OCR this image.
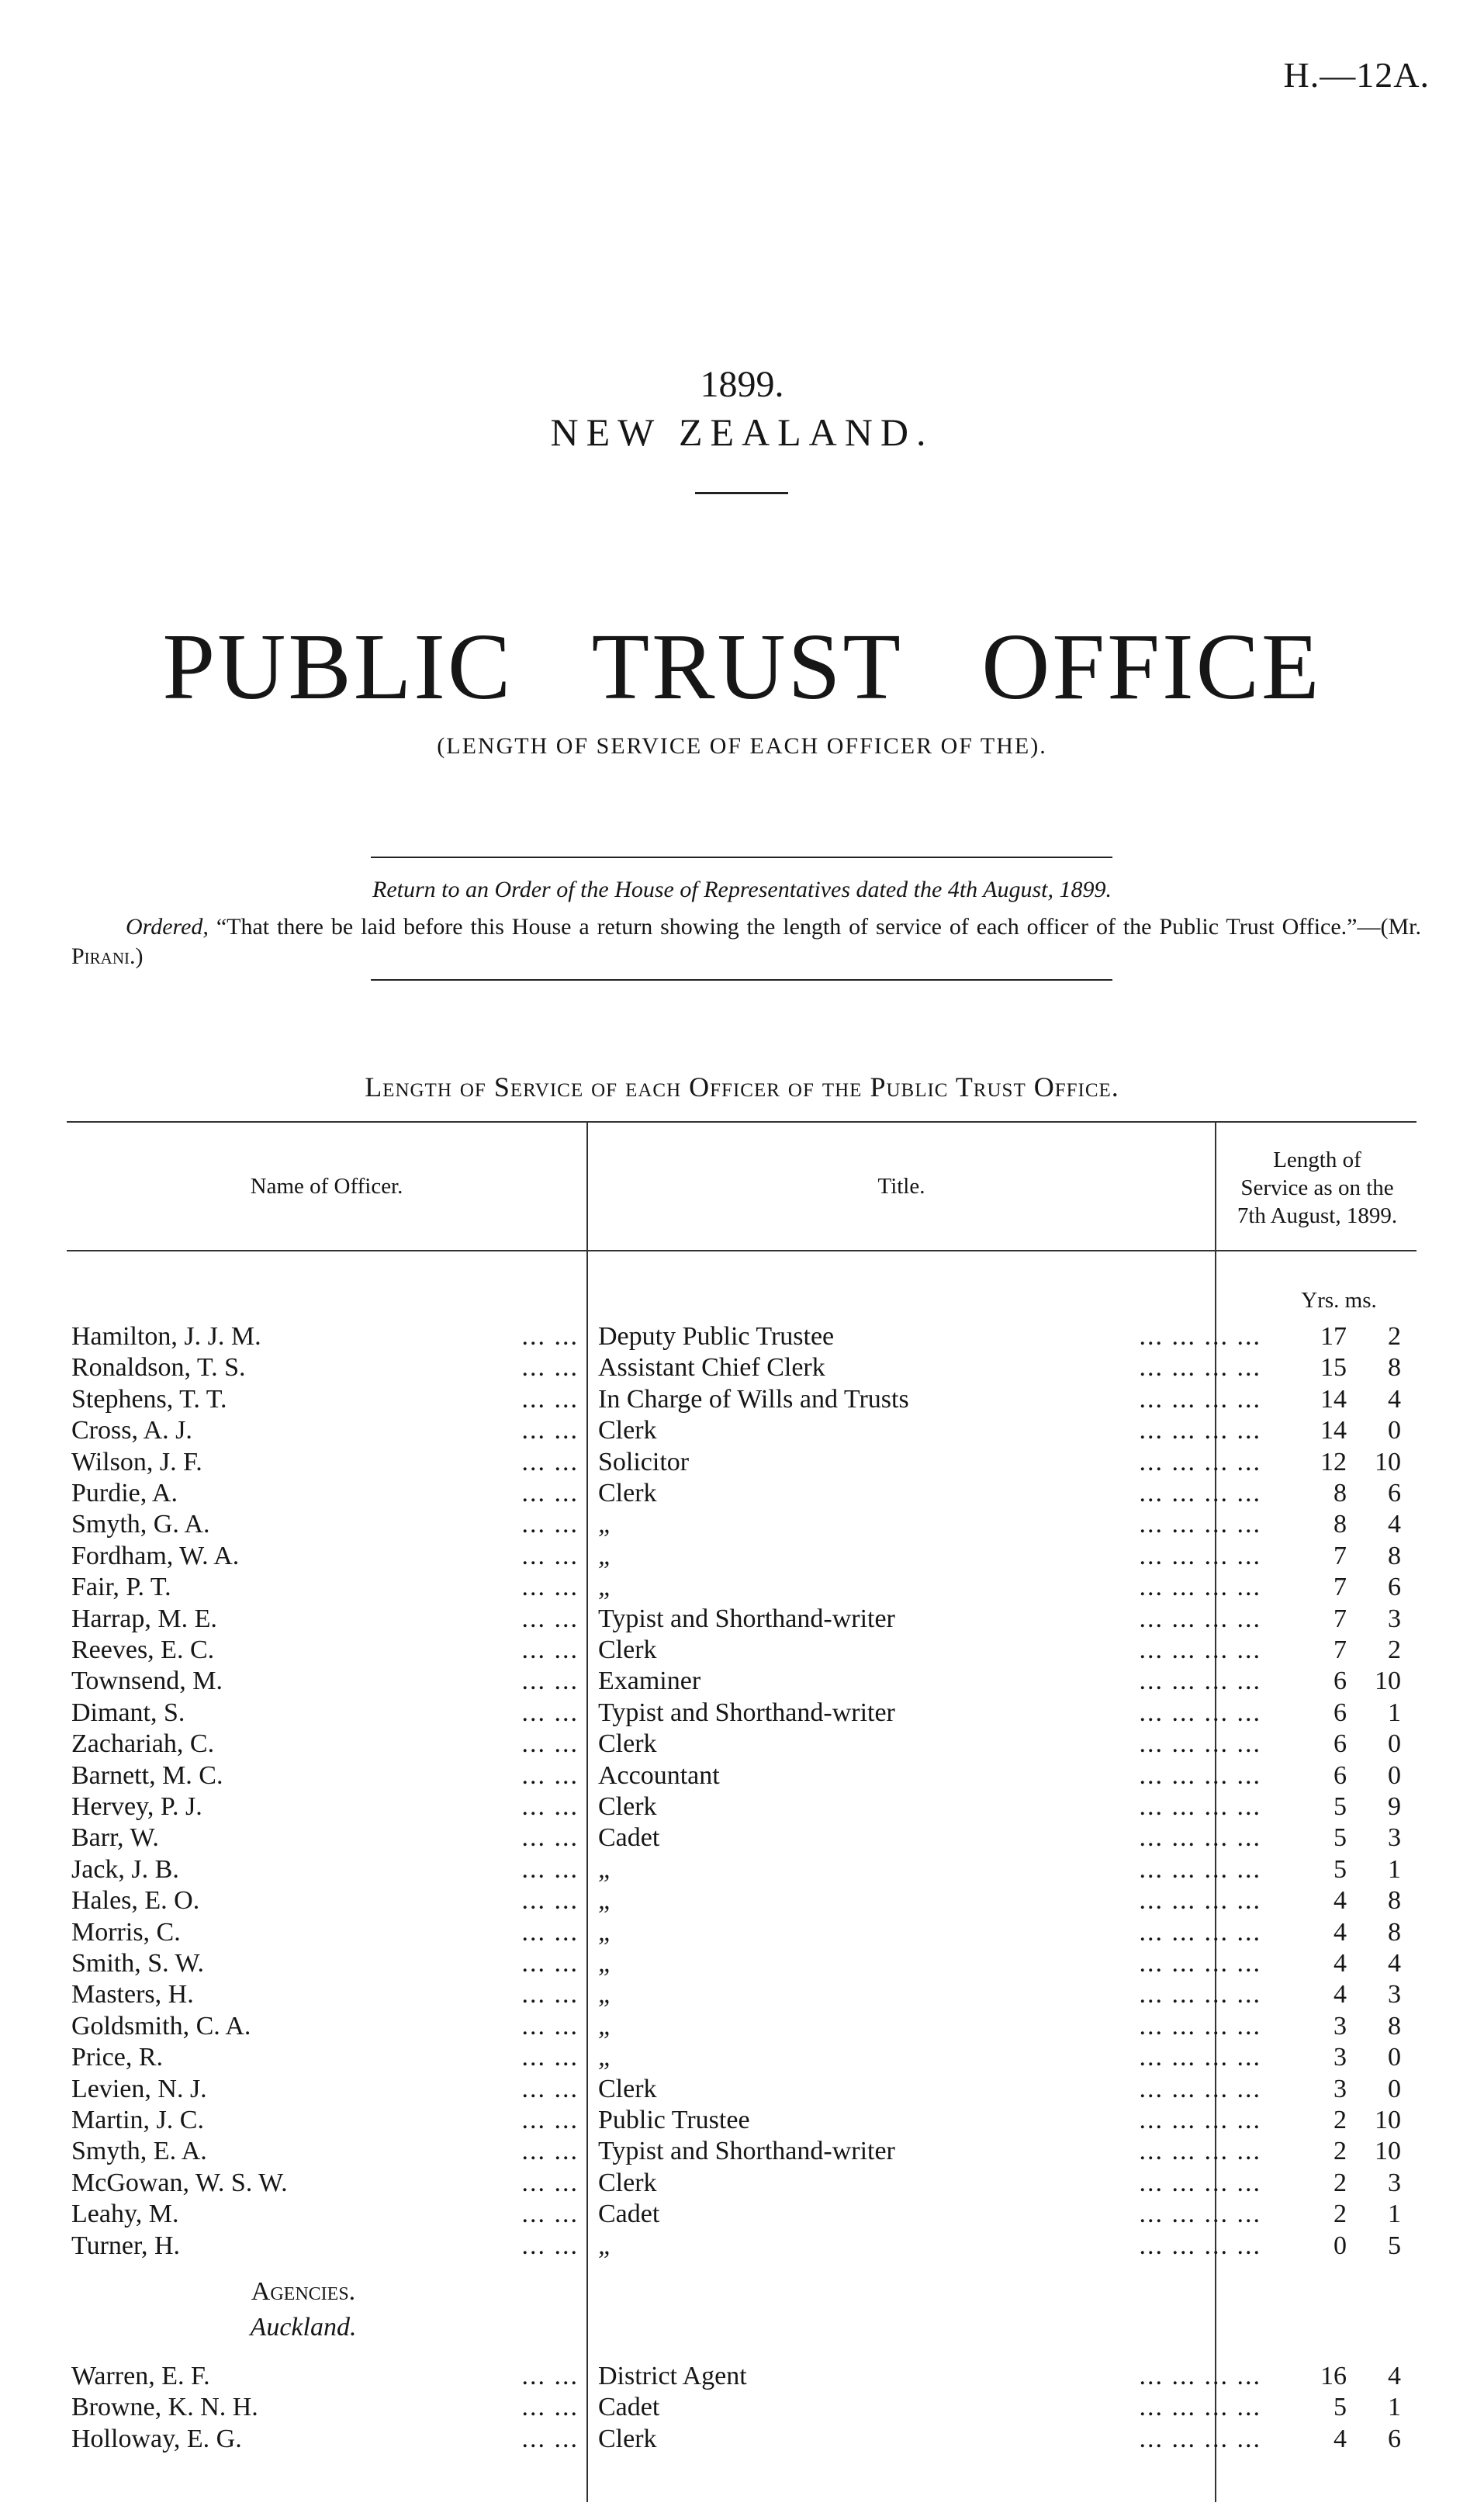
H.—12A.
1899.
NEW ZEALAND.
PUBLIC TRUST OFFICE
(LENGTH OF SERVICE OF EACH OFFICER OF THE).
Return to an Order of the House of Representatives dated the 4th August, 1899.
Ordered, “That there be laid before this House a return showing the length of service of each officer of the Public Trust Office.”—(Mr. Pirani.)
Length of Service of each Officer of the Public Trust Office.
Name of Officer.	Title.
Length of
Service as on the
7th August, 1899.
Yrs. ms.
Hamilton, J. J. M.	... ... Deputy Public Trustee	... ... ... ...	17	2
Ronaldson, T. S.	... ... Assistant Chief Clerk	... ... ... ...	15	8
Stephens, T. T.	... ... In Charge of Wills and Trusts	... ... ... ...	14	4
Cross, A. J.	... ... Clerk	... ... ... ...	14	0
Wilson, J. F.	... ... Solicitor	... ... ... ...	12	10
Purdie, A.	... ... Clerk	... ... ... ...	8	6
Smyth, G. A.	... ... „	... ... ... ...	8	4
Fordham, W. A.	... ... „	... ... ... ...	7	8
Fair, P. T.	... ... „	... ... ... ...	7	6
Harrap, M. E.	... ... Typist and Shorthand-writer	... ... ... ...	7	3
Reeves, E. C.	... ... Clerk	... ... ... ...	7	2
Townsend, M.	... ... Examiner	... ... ... ...	6	10
Dimant, S.	... ... Typist and Shorthand-writer	... ... ... ...	6	1
Zachariah, C.	... ... Clerk	... ... ... ...	6	0
Barnett, M. C.	... ... Accountant	... ... ... ...	6	0
Hervey, P. J.	... ... Clerk	... ... ... ...	5	9
Barr, W.	... ... Cadet	... ... ... ...	5	3
Jack, J. B.	... ... „	... ... ... ...	5	1
Hales, E. O.	... ... „	... ... ... ...	4	8
Morris, C.	... ... „	... ... ... ...	4	8
Smith, S. W.	... ... „	... ... ... ...	4	4
Masters, H.	... ... „	... ... ... ...	4	3
Goldsmith, C. A.	... ... „	... ... ... ...	3	8
Price, R.	... ... „	... ... ... ...	3	0
Levien, N. J.	... ... Clerk	... ... ... ...	3	0
Martin, J. C.	... ... Public Trustee	... ... ... ...	2	10
Smyth, E. A.	... ... Typist and Shorthand-writer	... ... ... ...	2	10
McGowan, W. S. W.	... ... Clerk	... ... ... ...	2	3
Leahy, M.	... ... Cadet	... ... ... ...	2	1
Turner, H.	... ... „	... ... ... ...	0	5
Agencies.
Auckland.
Warren, E. F.	... ... District Agent	... ... ... ...	16	4
Browne, K. N. H.	... ... Cadet	... ... ... ...	5	1
Holloway, E. G.	... ... Clerk	... ... ... ...	4	6
